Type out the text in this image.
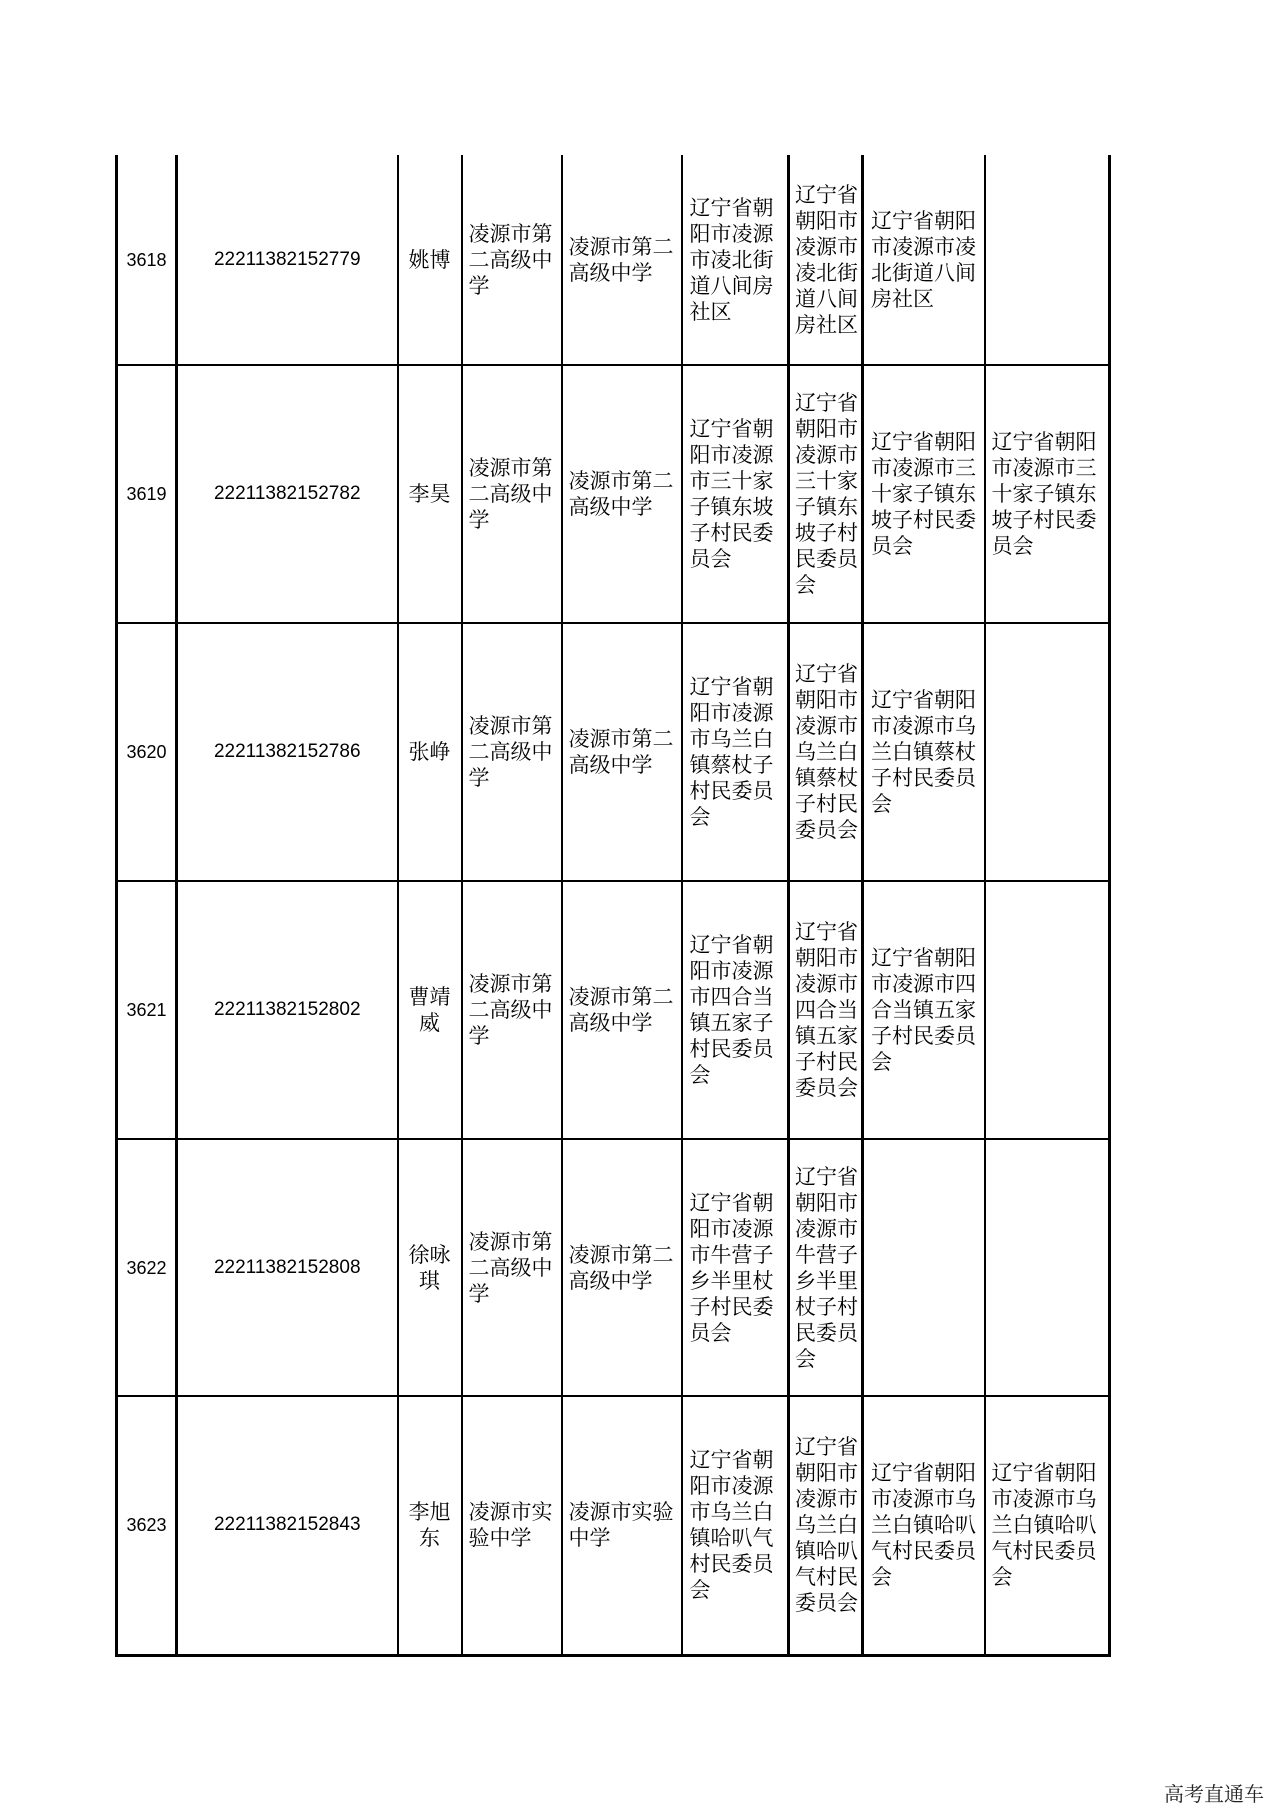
3618	22211382152779	姚博	凌源市第二高级中学	凌源市第二高级中学	辽宁省朝阳市凌源市凌北街道八间房社区	辽宁省朝阳市凌源市凌北街道八间房社区	辽宁省朝阳市凌源市凌北街道八间房社区	
3619	22211382152782	李昊	凌源市第二高级中学	凌源市第二高级中学	辽宁省朝阳市凌源市三十家子镇东坡子村民委员会	辽宁省朝阳市凌源市三十家子镇东坡子村民委员会	辽宁省朝阳市凌源市三十家子镇东坡子村民委员会	辽宁省朝阳市凌源市三十家子镇东坡子村民委员会
3620	22211382152786	张峥	凌源市第二高级中学	凌源市第二高级中学	辽宁省朝阳市凌源市乌兰白镇蔡杖子村民委员会	辽宁省朝阳市凌源市乌兰白镇蔡杖子村民委员会	辽宁省朝阳市凌源市乌兰白镇蔡杖子村民委员会	
3621	22211382152802	曹靖威	凌源市第二高级中学	凌源市第二高级中学	辽宁省朝阳市凌源市四合当镇五家子村民委员会	辽宁省朝阳市凌源市四合当镇五家子村民委员会	辽宁省朝阳市凌源市四合当镇五家子村民委员会	
3622	22211382152808	徐咏琪	凌源市第二高级中学	凌源市第二高级中学	辽宁省朝阳市凌源市牛营子乡半里杖子村民委员会	辽宁省朝阳市凌源市牛营子乡半里杖子村民委员会		
3623	22211382152843	李旭东	凌源市实验中学	凌源市实验中学	辽宁省朝阳市凌源市乌兰白镇哈叭气村民委员会	辽宁省朝阳市凌源市乌兰白镇哈叭气村民委员会	辽宁省朝阳市凌源市乌兰白镇哈叭气村民委员会	辽宁省朝阳市凌源市乌兰白镇哈叭气村民委员会
高考直通车
